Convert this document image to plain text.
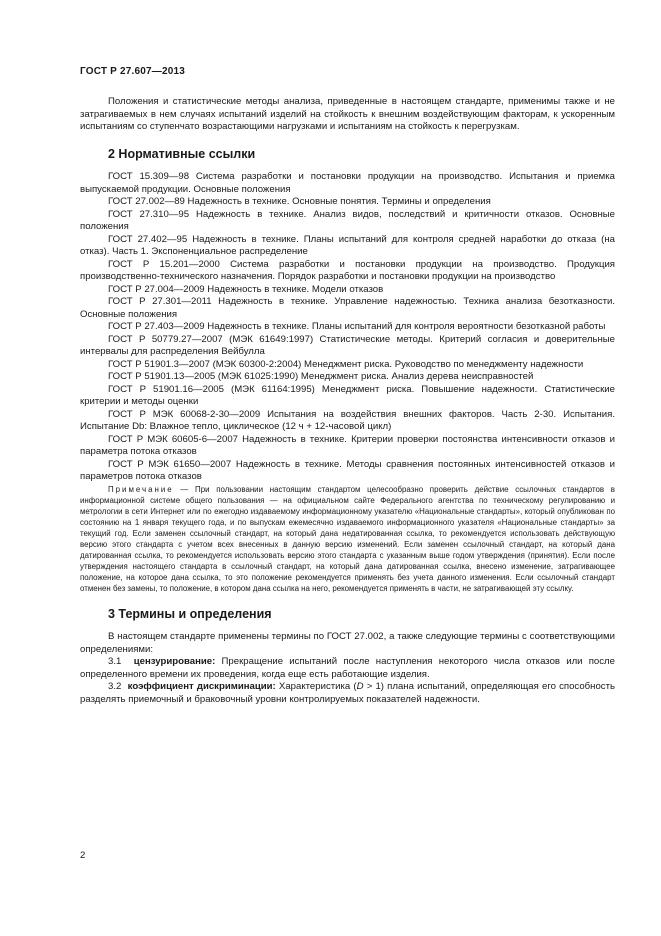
ГОСТ Р 27.607—2013

Положения и статистические методы анализа, приведенные в настоящем стандарте, применимы также и не затрагиваемых в нем случаях испытаний изделий на стойкость к внешним воздействующим факторам, к ускоренным испытаниям со ступенчато возрастающими нагрузками и испытаниям на стойкость к перегрузкам.

2 Нормативные ссылки

ГОСТ 15.309—98 Система разработки и постановки продукции на производство. Испытания и приемка выпускаемой продукции. Основные положения

ГОСТ 27.002—89 Надежность в технике. Основные понятия. Термины и определения

ГОСТ 27.310—95 Надежность в технике. Анализ видов, последствий и критичности отказов. Основные положения

ГОСТ 27.402—95 Надежность в технике. Планы испытаний для контроля средней наработки до отказа (на отказ). Часть 1. Экспоненциальное распределение

ГОСТ Р 15.201—2000 Система разработки и постановки продукции на производство. Продукция производственно-технического назначения. Порядок разработки и постановки продукции на производство

ГОСТ Р 27.004—2009 Надежность в технике. Модели отказов

ГОСТ Р 27.301—2011 Надежность в технике. Управление надежностью. Техника анализа безотказности. Основные положения

ГОСТ Р 27.403—2009 Надежность в технике. Планы испытаний для контроля вероятности безотказной работы

ГОСТ Р 50779.27—2007 (МЭК 61649:1997) Статистические методы. Критерий согласия и доверительные интервалы для распределения Вейбулла

ГОСТ Р 51901.3—2007 (МЭК 60300-2:2004) Менеджмент риска. Руководство по менеджменту надежности

ГОСТ Р 51901.13—2005 (МЭК 61025:1990) Менеджмент риска. Анализ дерева неисправностей

ГОСТ Р 51901.16—2005 (МЭК 61164:1995) Менеджмент риска. Повышение надежности. Статистические критерии и методы оценки

ГОСТ Р МЭК 60068-2-30—2009 Испытания на воздействия внешних факторов. Часть 2-30. Испытания. Испытание Db: Влажное тепло, циклическое (12 ч + 12-часовой цикл)

ГОСТ Р МЭК 60605-6—2007 Надежность в технике. Критерии проверки постоянства интенсивности отказов и параметра потока отказов

ГОСТ Р МЭК 61650—2007 Надежность в технике. Методы сравнения постоянных интенсивностей отказов и параметров потока отказов

Примечание — При пользовании настоящим стандартом целесообразно проверить действие ссылочных стандартов в информационной системе общего пользования — на официальном сайте Федерального агентства по техническому регулированию и метрологии в сети Интернет или по ежегодно издаваемому информационному указателю «Национальные стандарты», который опубликован по состоянию на 1 января текущего года, и по выпускам ежемесячно издаваемого информационного указателя «Национальные стандарты» за текущий год. Если заменен ссылочный стандарт, на который дана недатированная ссылка, то рекомендуется использовать действующую версию этого стандарта с учетом всех внесенных в данную версию изменений. Если заменен ссылочный стандарт, на который дана датированная ссылка, то рекомендуется использовать версию этого стандарта с указанным выше годом утверждения (принятия). Если после утверждения настоящего стандарта в ссылочный стандарт, на который дана датированная ссылка, внесено изменение, затрагивающее положение, на которое дана ссылка, то это положение рекомендуется применять без учета данного изменения. Если ссылочный стандарт отменен без замены, то положение, в котором дана ссылка на него, рекомендуется применять в части, не затрагивающей эту ссылку.

3 Термины и определения

В настоящем стандарте применены термины по ГОСТ 27.002, а также следующие термины с соответствующими определениями:

3.1 цензурирование: Прекращение испытаний после наступления некоторого числа отказов или после определенного времени их проведения, когда еще есть работающие изделия.

3.2 коэффициент дискриминации: Характеристика (D > 1) плана испытаний, определяющая его способность разделять приемочный и браковочный уровни контролируемых показателей надежности.

2
